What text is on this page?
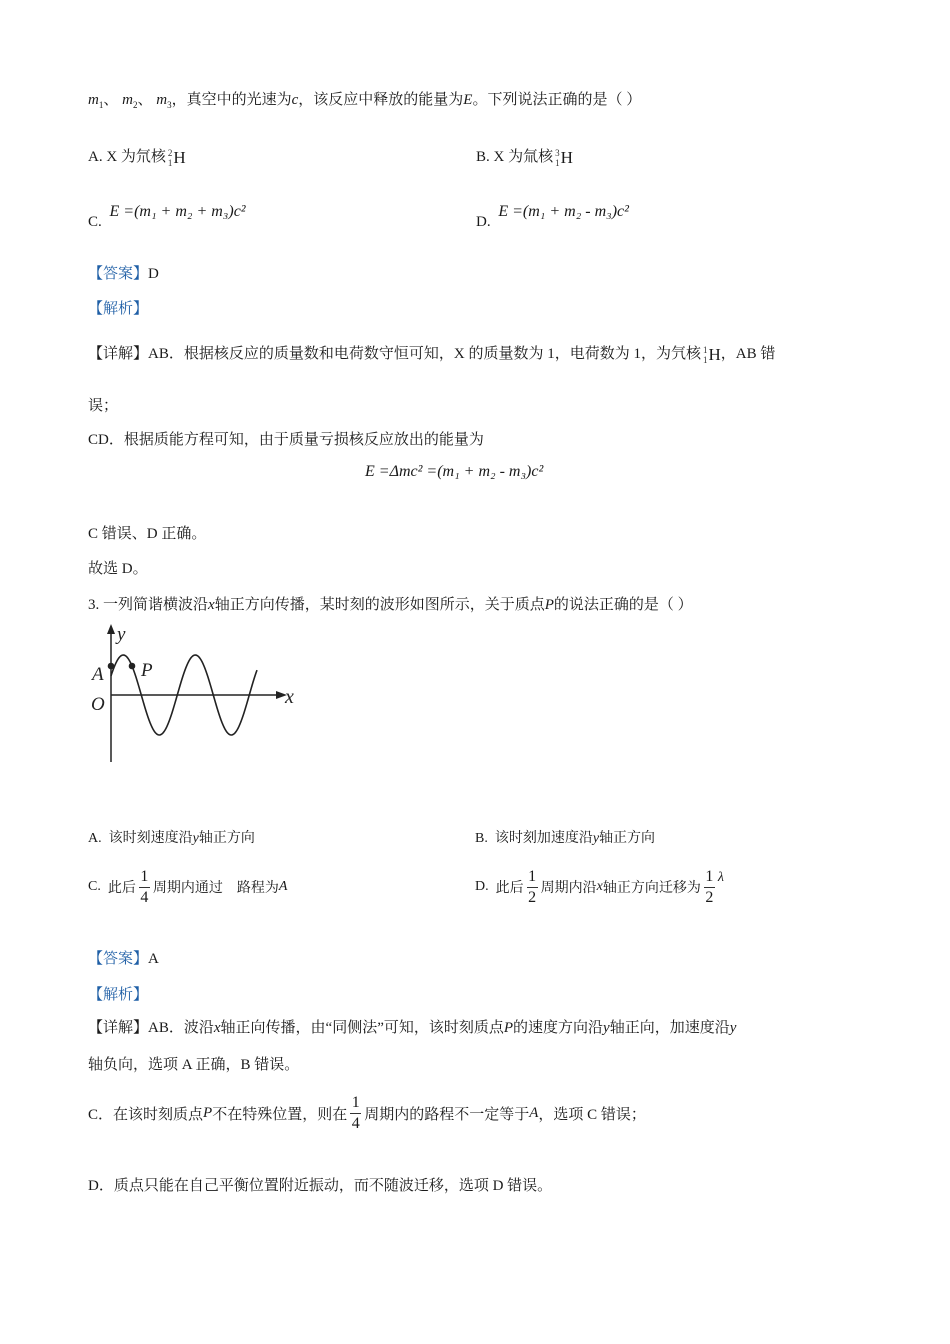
$m_1$、 $m_2$、 $m_3$，真空中的光速为c，该反应中释放的能量为E。下列说法正确的是（ ）
A. X 为氘核 2
1 H	B. X 为氚核 3
1 H
C. E =(m₁ + m₂ + m₃)c²
D. E =(m₁ + m₂ - m₃)c²
【答案】D
【解析】
【详解】AB．根据核反应的质量数和电荷数守恒可知，X 的质量数为 1，电荷数为 1，为氕核 1
1 H ，AB 错
误；
CD．根据质能方程可知，由于质量亏损核反应放出的能量为
E =Δmc² =(m₁ + m₂ - m₃)c²
C 错误、D 正确。
故选 D。
3. 一列简谐横波沿x轴正方向传播，某时刻的波形如图所示，关于质点P的说法正确的是（ ）
y
x
O
A P
A. 该时刻速度沿y轴正方向	B. 该时刻加速度沿y轴正方向
C.
此后 $\frac{1}{4}$ 周期内通过    路程为 A	D.
此后 $\frac{1}{2}$ 周期内沿 x 轴正方向迁移为 $\frac{1}{2}$ λ
【答案】A
【解析】
【详解】AB．波沿x轴正向传播，由“同侧法”可知，该时刻质点P的速度方向沿y轴正向，加速度沿y
轴负向，选项 A 正确，B 错误。
C．在该时刻质点 P 不在特殊位置，则在 $\frac{1}{4}$ 周期内的路程不一定等于 A ，选项 C 错误；
D．质点只能在自己平衡位置附近振动，而不随波迁移，选项 D 错误。
